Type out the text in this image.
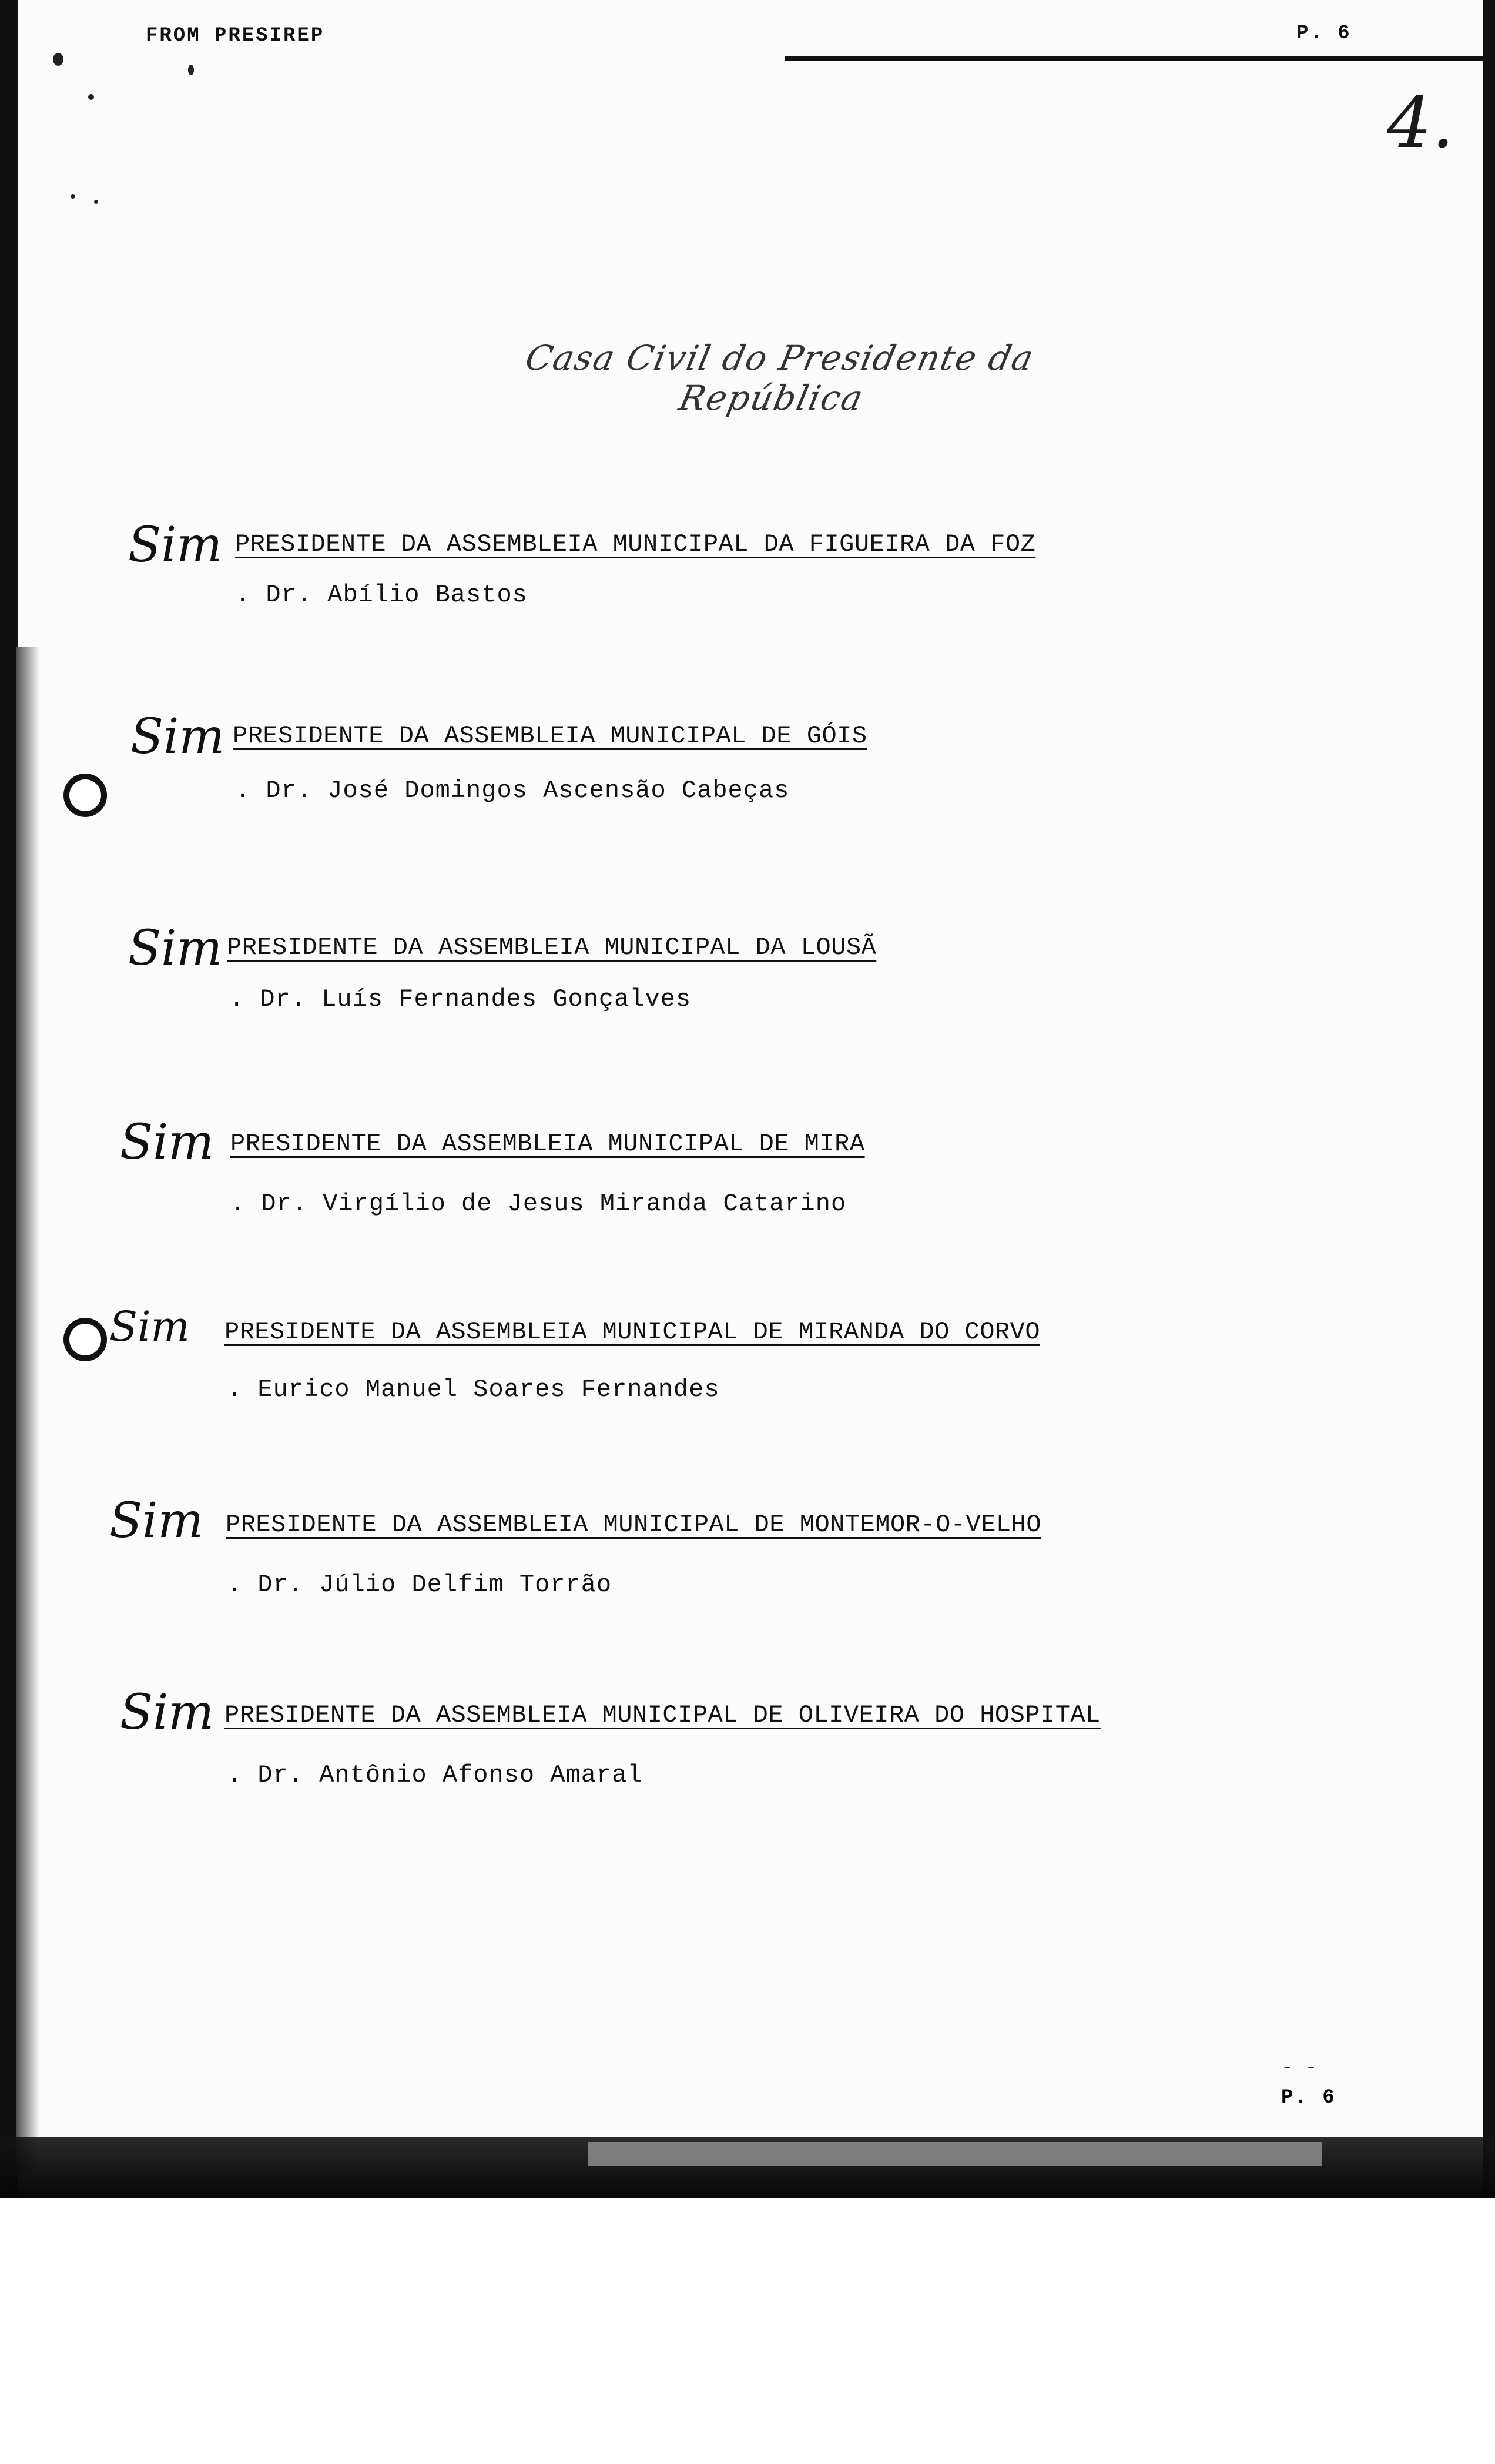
FROM PRESIREP	P. 6
4.
Casa Civil do Presidente da República
Sim PRESIDENTE DA ASSEMBLEIA MUNICIPAL DA FIGUEIRA DA FOZ
. Dr. Abílio Bastos
Sim PRESIDENTE DA ASSEMBLEIA MUNICIPAL DE GÓIS
. Dr. José Domingos Ascensão Cabeças
Sim PRESIDENTE DA ASSEMBLEIA MUNICIPAL DA LOUSÃ
. Dr. Luís Fernandes Gonçalves
Sim PRESIDENTE DA ASSEMBLEIA MUNICIPAL DE MIRA
. Dr. Virgílio de Jesus Miranda Catarino
Sim PRESIDENTE DA ASSEMBLEIA MUNICIPAL DE MIRANDA DO CORVO
. Eurico Manuel Soares Fernandes
Sim PRESIDENTE DA ASSEMBLEIA MUNICIPAL DE MONTEMOR-O-VELHO
. Dr. Júlio Delfim Torrão
Sim PRESIDENTE DA ASSEMBLEIA MUNICIPAL DE OLIVEIRA DO HOSPITAL
. Dr. Antônio Afonso Amaral
- -
P. 6
